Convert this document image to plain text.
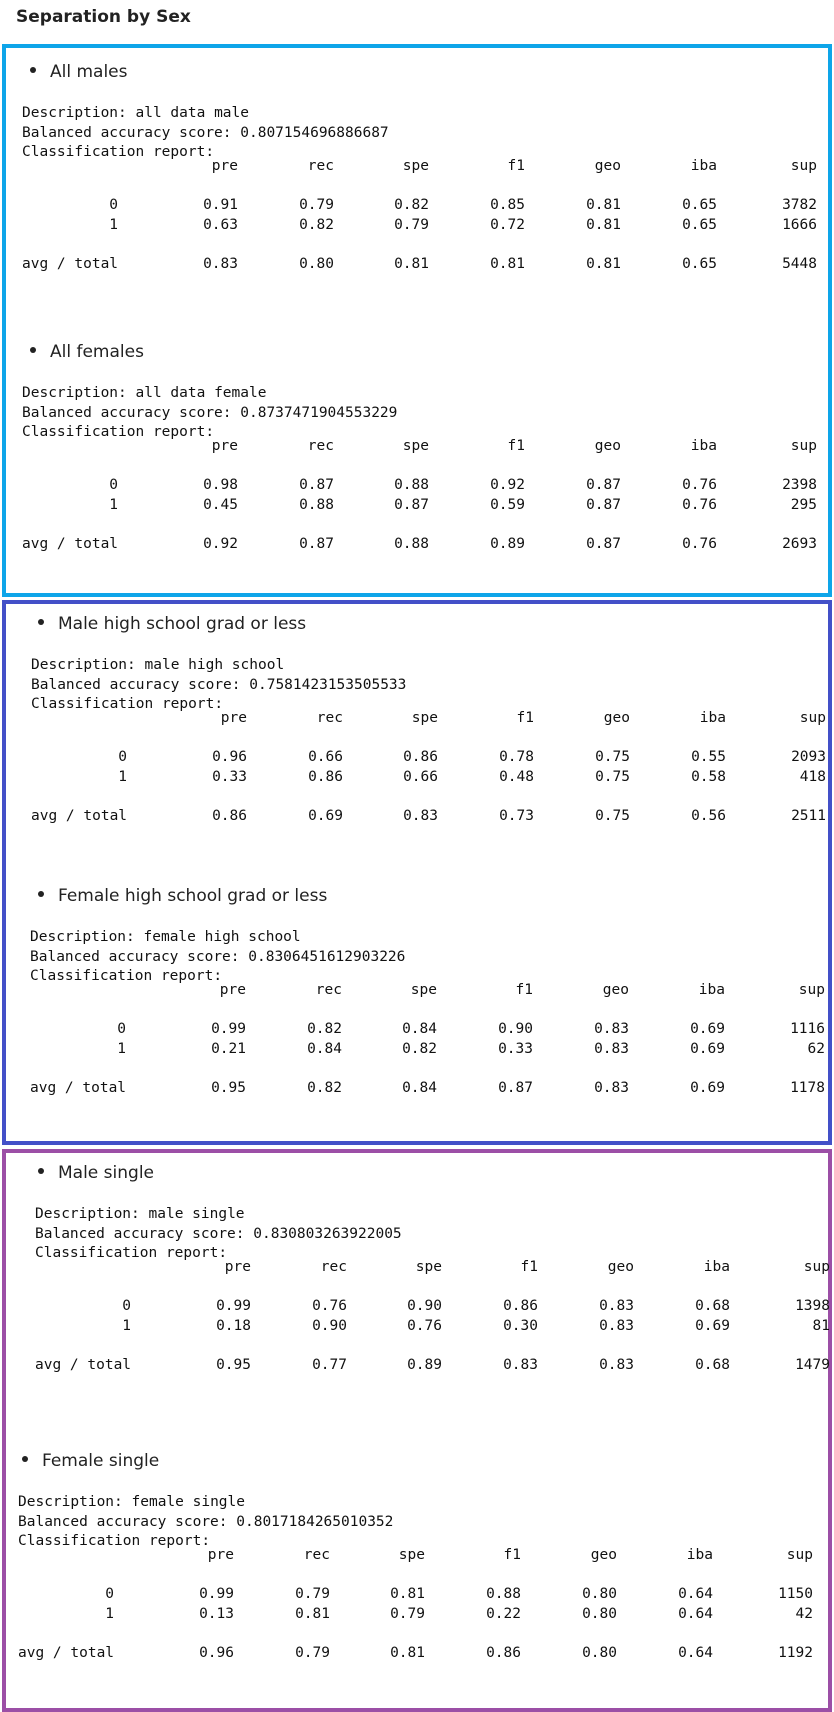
Separation by Sex
All males
Description: all data male
Balanced accuracy score: 0.807154696886687
Classification report:
pre	rec	spe	f1	geo	iba	sup
0	0.91	0.79	0.82	0.85	0.81	0.65	3782
1	0.63	0.82	0.79	0.72	0.81	0.65	1666
avg / total	0.83	0.80	0.81	0.81	0.81	0.65	5448
All females
Description: all data female
Balanced accuracy score: 0.8737471904553229
Classification report:
pre	rec	spe	f1	geo	iba	sup
0	0.98	0.87	0.88	0.92	0.87	0.76	2398
1	0.45	0.88	0.87	0.59	0.87	0.76	295
avg / total	0.92	0.87	0.88	0.89	0.87	0.76	2693
Male high school grad or less
Description: male high school
Balanced accuracy score: 0.7581423153505533
Classification report:
pre	rec	spe	f1	geo	iba	sup
0	0.96	0.66	0.86	0.78	0.75	0.55	2093
1	0.33	0.86	0.66	0.48	0.75	0.58	418
avg / total	0.86	0.69	0.83	0.73	0.75	0.56	2511
Female high school grad or less
Description: female high school
Balanced accuracy score: 0.8306451612903226
Classification report:
pre	rec	spe	f1	geo	iba	sup
0	0.99	0.82	0.84	0.90	0.83	0.69	1116
1	0.21	0.84	0.82	0.33	0.83	0.69	62
avg / total	0.95	0.82	0.84	0.87	0.83	0.69	1178
Male single
Description: male single
Balanced accuracy score: 0.830803263922005
Classification report:
pre	rec	spe	f1	geo	iba	sup
0	0.99	0.76	0.90	0.86	0.83	0.68	1398
1	0.18	0.90	0.76	0.30	0.83	0.69	81
avg / total	0.95	0.77	0.89	0.83	0.83	0.68	1479
Female single
Description: female single
Balanced accuracy score: 0.8017184265010352
Classification report:
pre	rec	spe	f1	geo	iba	sup
0	0.99	0.79	0.81	0.88	0.80	0.64	1150
1	0.13	0.81	0.79	0.22	0.80	0.64	42
avg / total	0.96	0.79	0.81	0.86	0.80	0.64	1192
